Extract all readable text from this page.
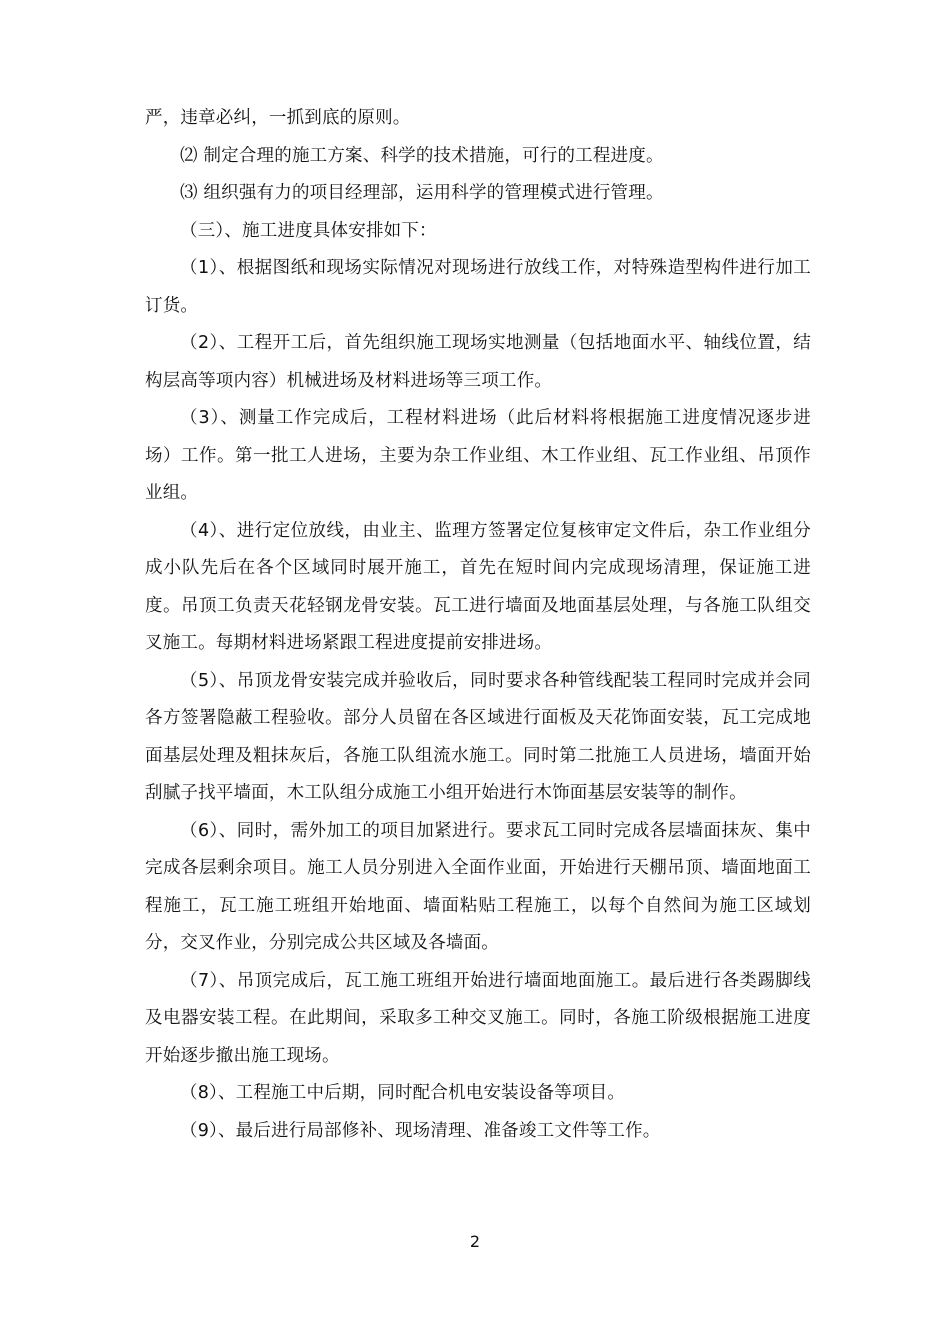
严，违章必纠，一抓到底的原则。

⑵ 制定合理的施工方案、科学的技术措施，可行的工程进度。

⑶ 组织强有力的项目经理部，运用科学的管理模式进行管理。

（三）、施工进度具体安排如下：

（1）、根据图纸和现场实际情况对现场进行放线工作，对特殊造型构件进行加工订货。

（2）、工程开工后，首先组织施工现场实地测量（包括地面水平、轴线位置，结构层高等项内容）机械进场及材料进场等三项工作。

（3）、测量工作完成后，工程材料进场（此后材料将根据施工进度情况逐步进场）工作。第一批工人进场，主要为杂工作业组、木工作业组、瓦工作业组、吊顶作业组。

（4）、进行定位放线，由业主、监理方签署定位复核审定文件后，杂工作业组分成小队先后在各个区域同时展开施工，首先在短时间内完成现场清理，保证施工进度。吊顶工负责天花轻钢龙骨安装。瓦工进行墙面及地面基层处理，与各施工队组交叉施工。每期材料进场紧跟工程进度提前安排进场。

（5）、吊顶龙骨安装完成并验收后，同时要求各种管线配装工程同时完成并会同各方签署隐蔽工程验收。部分人员留在各区域进行面板及天花饰面安装，瓦工完成地面基层处理及粗抹灰后，各施工队组流水施工。同时第二批施工人员进场，墙面开始刮腻子找平墙面，木工队组分成施工小组开始进行木饰面基层安装等的制作。

（6）、同时，需外加工的项目加紧进行。要求瓦工同时完成各层墙面抹灰、集中完成各层剩余项目。施工人员分别进入全面作业面，开始进行天棚吊顶、墙面地面工程施工，瓦工施工班组开始地面、墙面粘贴工程施工，以每个自然间为施工区域划分，交叉作业，分别完成公共区域及各墙面。

（7）、吊顶完成后，瓦工施工班组开始进行墙面地面施工。最后进行各类踢脚线及电器安装工程。在此期间，采取多工种交叉施工。同时，各施工阶级根据施工进度开始逐步撤出施工现场。

（8）、工程施工中后期，同时配合机电安装设备等项目。

（9）、最后进行局部修补、现场清理、准备竣工文件等工作。

2
